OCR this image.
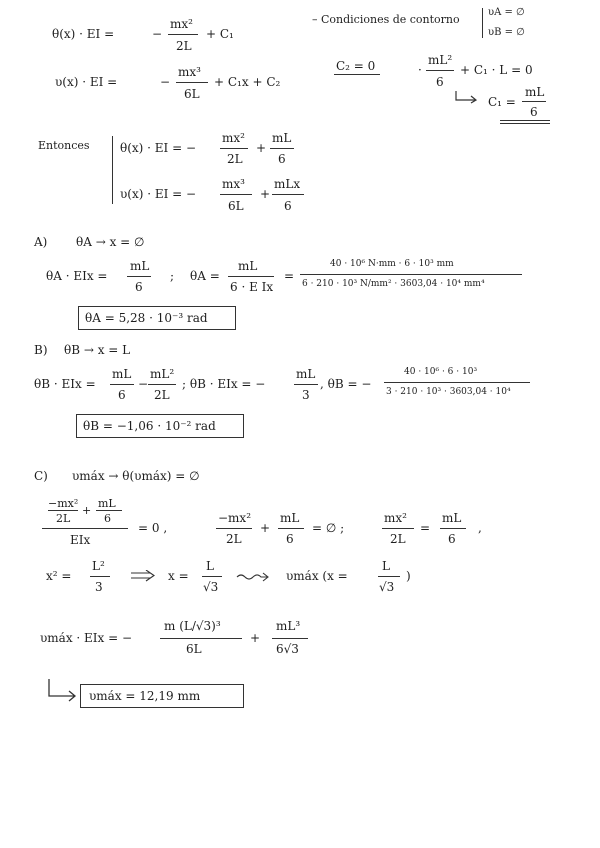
θ(x) · EI =	−
mx²
2L
+ C₁
υ(x) · EI =	−
mx³
6L
+ C₁x + C₂
– Condiciones de contorno
υA = ∅
υB = ∅
C₂ = 0	·
mL²
6
+ C₁ · L = 0
C₁ =
mL
6
Entonces	θ(x) · EI = −
mx²
2L
+
mL
6
υ(x) · EI = −
mx³
6L
+
mLx
6
A) θA → x = ∅
θA · EIx =
mL
6
; θA =
mL
6 · E Ix
=
40 · 10⁶ N·mm · 6 · 10³ mm
6 · 210 · 10³ N/mm² · 3603,04 · 10⁴ mm⁴
θA = 5,28 · 10⁻³ rad
B) θB → x = L
θB · EIx =
mL
6
−
mL²
2L
; θB · EIx = −
mL
3
, θB = −
40 · 10⁶ · 6 · 10³
3 · 210 · 10³ · 3603,04 · 10⁴
θB = −1,06 · 10⁻² rad
C) υmáx → θ(υmáx) = ∅
−mx²
2L
+
mL
6
EIx
= 0 ,
−mx²
2L
+
mL
6
= ∅ ;
mx²
2L
=
mL
6
,
x² =
L²
3
x =
L
√3
υmáx (x =
L
√3
)
υmáx · EIx = −
m (L/√3)³
6L
+
mL³
6√3
υmáx = 12,19 mm
